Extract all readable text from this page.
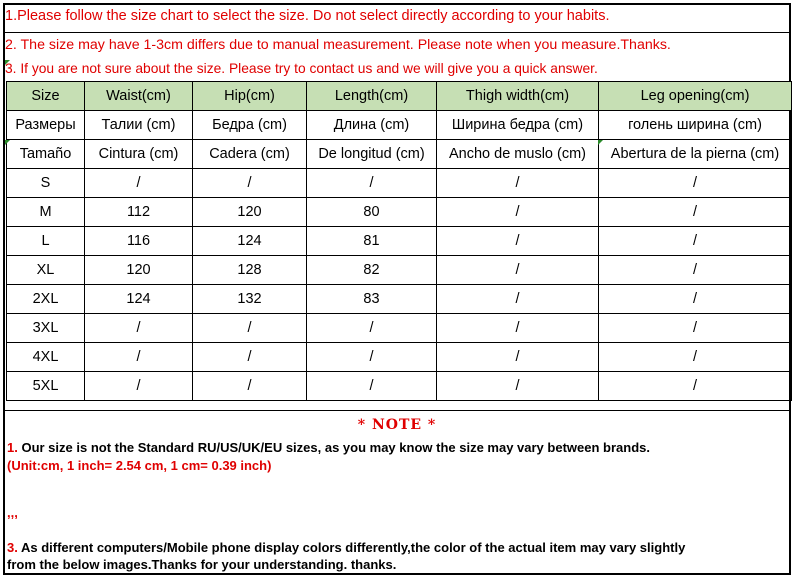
1.Please follow the size chart to select the size. Do not select directly according to your habits.
2. The size may have 1-3cm differs due to manual measurement. Please note when you measure.Thanks.
3. If you are not sure about the size. Please try to contact us and we will give you a quick answer.
Size	Waist(cm)	Hip(cm)	Length(cm)	Thigh width(cm)	Leg opening(cm)
Размеры	Талии (cm)	Бедра (cm)	Длина (cm)	Ширина бедра (cm)	голень ширина (cm)
Tamaño	Cintura (cm)	Cadera (cm)	De longitud (cm)	Ancho de muslo (cm)	Abertura de la pierna (cm)
S	/	/	/	/	/
M	112	120	80	/	/
L	116	124	81	/	/
XL	120	128	82	/	/
2XL	124	132	83	/	/
3XL	/	/	/	/	/
4XL	/	/	/	/	/
5XL	/	/	/	/	/
* NOTE *
1. Our size is not the Standard RU/US/UK/EU sizes, as you may know the size may vary between brands.
(Unit:cm, 1 inch= 2.54 cm, 1 cm= 0.39 inch)
,,,
3. As different computers/Mobile phone display colors differently,the color of the actual item may vary slightly
from the below images.Thanks for your understanding. thanks.
